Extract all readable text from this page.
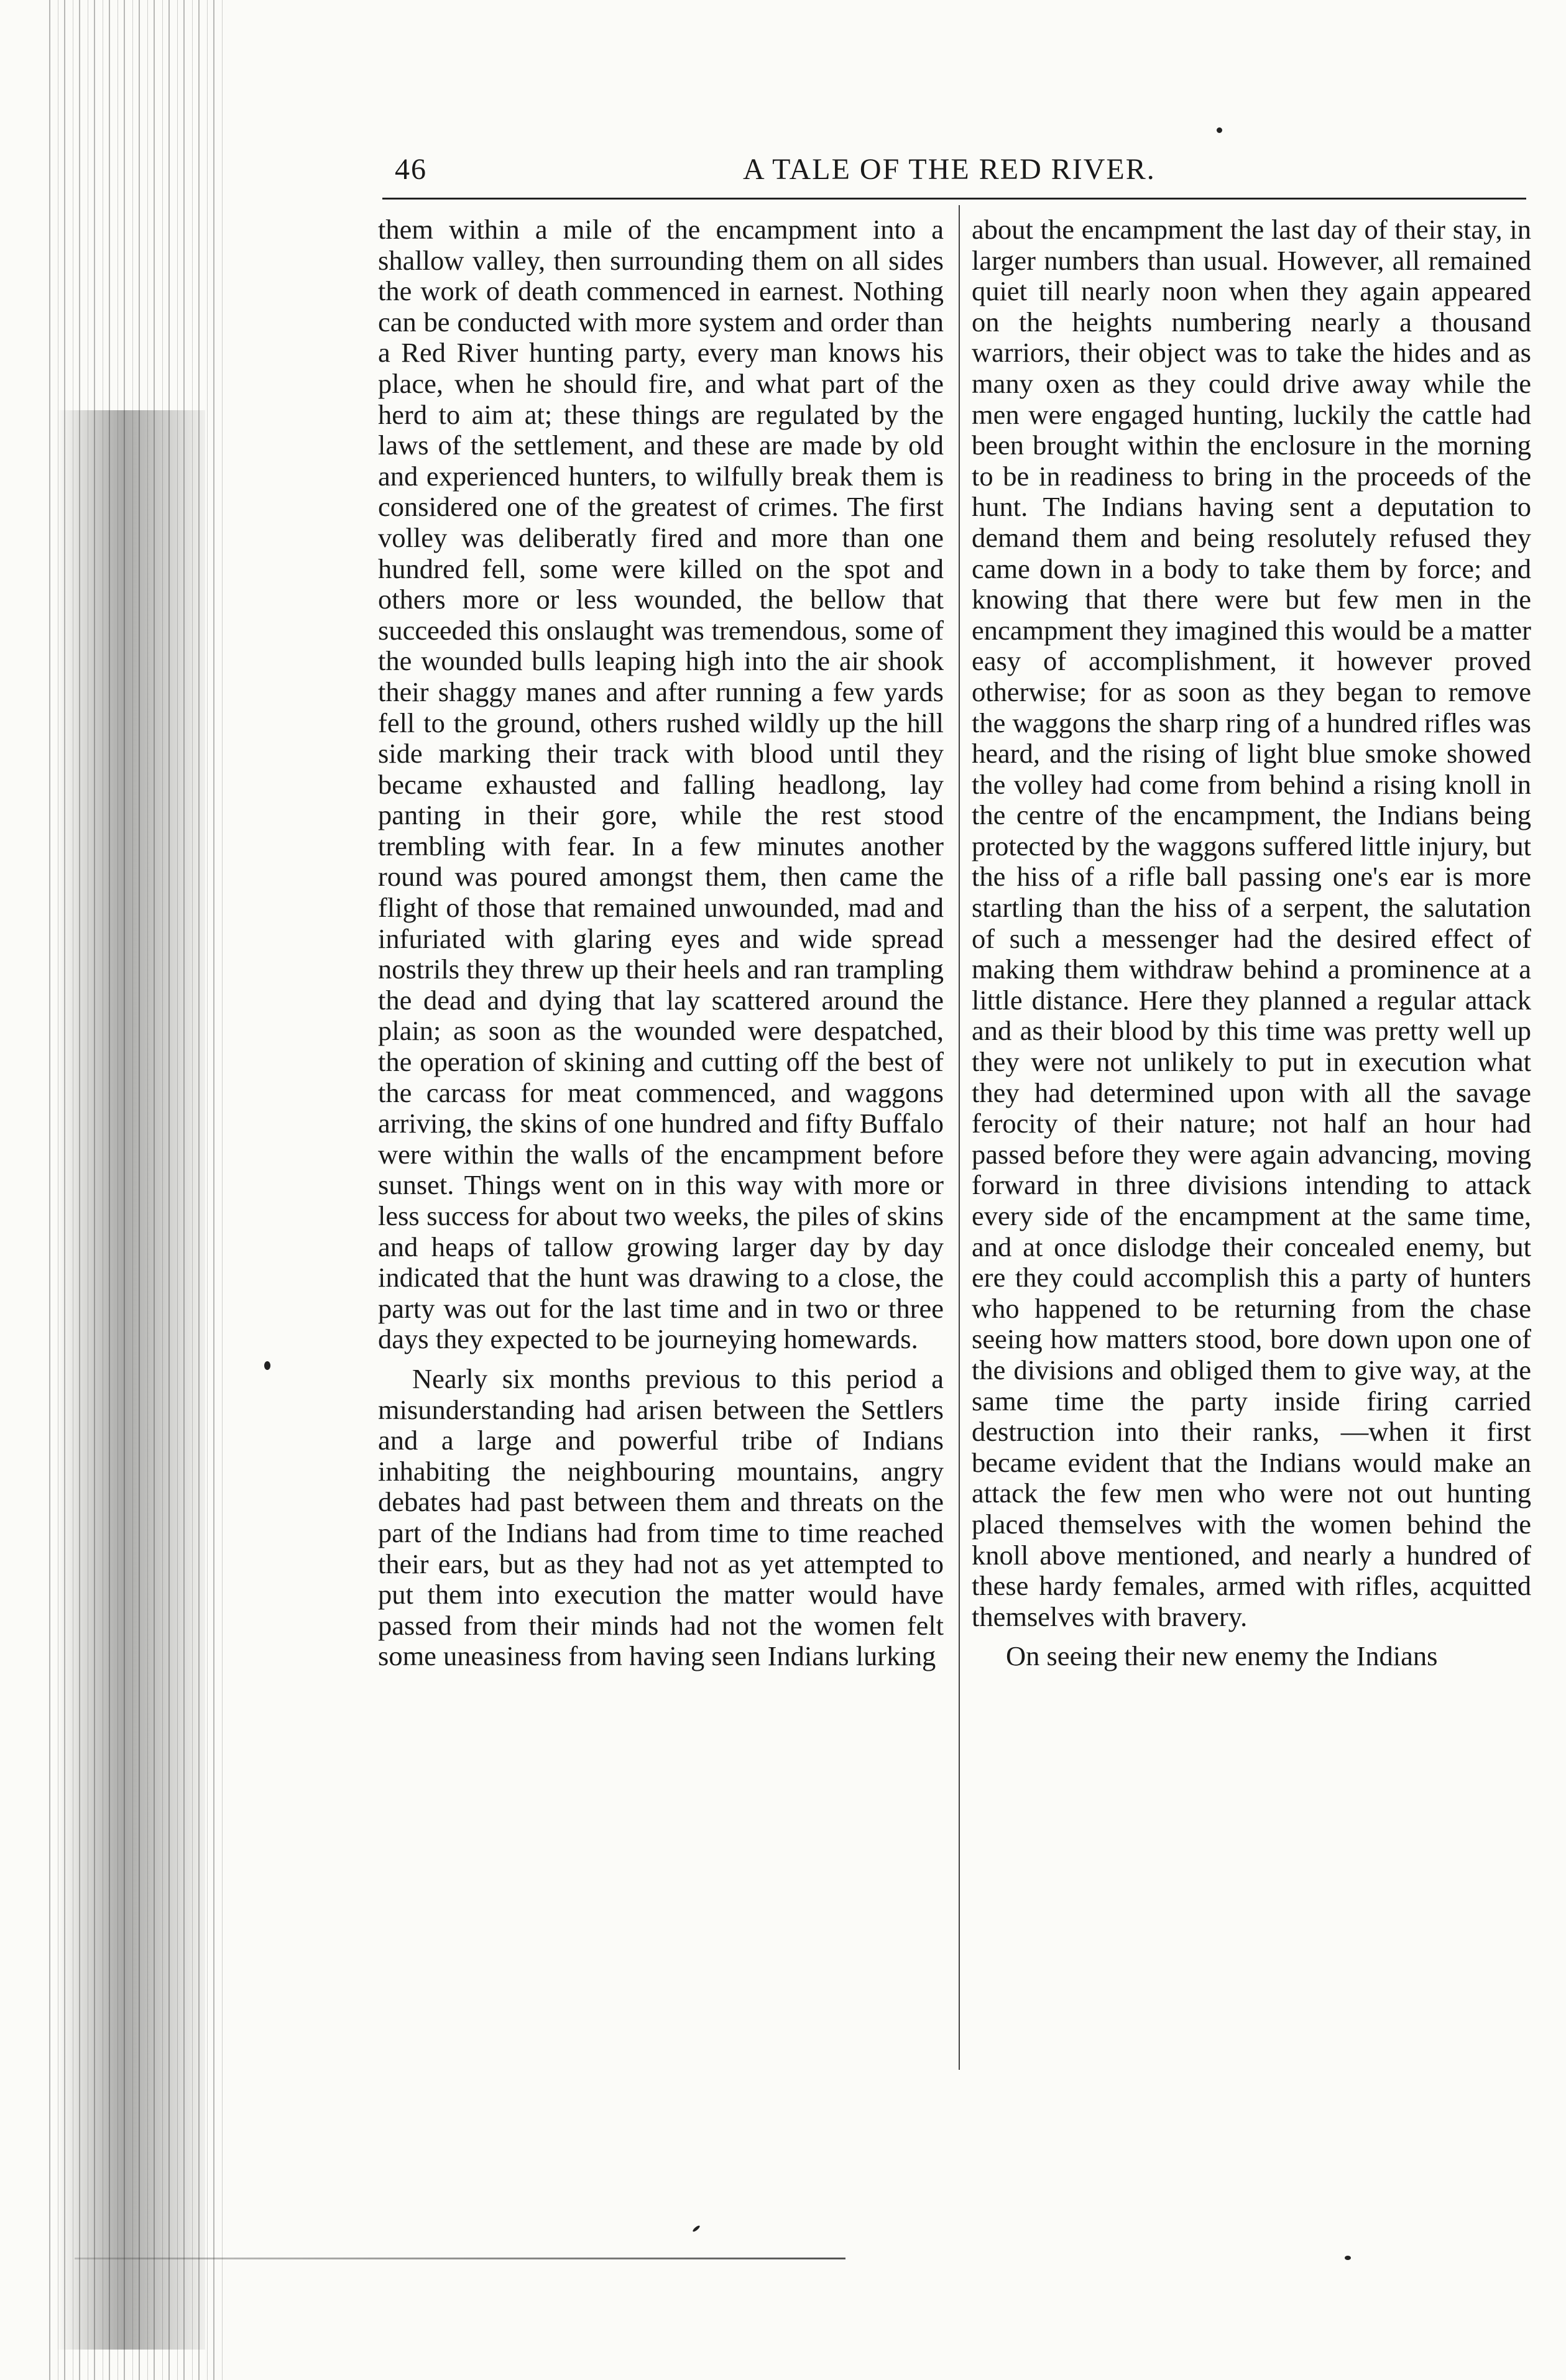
46	A TALE OF THE RED RIVER.

them within a mile of the encampment into a shallow valley, then surrounding them on all sides the work of death commenced in earnest. Nothing can be conducted with more system and order than a Red River hunting party, every man knows his place, when he should fire, and what part of the herd to aim at; these things are regulated by the laws of the settlement, and these are made by old and experienced hunters, to wilfully break them is considered one of the greatest of crimes. The first volley was deliberatly fired and more than one hundred fell, some were killed on the spot and others more or less wounded, the bellow that succeeded this onslaught was tremendous, some of the wounded bulls leaping high into the air shook their shaggy manes and after running a few yards fell to the ground, others rushed wildly up the hill side marking their track with blood until they became exhausted and falling headlong, lay panting in their gore, while the rest stood trembling with fear. In a few minutes another round was poured amongst them, then came the flight of those that remained unwounded, mad and infuriated with glaring eyes and wide spread nostrils they threw up their heels and ran trampling the dead and dying that lay scattered around the plain; as soon as the wounded were despatched, the operation of skining and cutting off the best of the carcass for meat commenced, and waggons arriving, the skins of one hundred and fifty Buffalo were within the walls of the encampment before sunset. Things went on in this way with more or less success for about two weeks, the piles of skins and heaps of tallow growing larger day by day indicated that the hunt was drawing to a close, the party was out for the last time and in two or three days they expected to be journeying homewards.

Nearly six months previous to this period a misunderstanding had arisen between the Settlers and a large and powerful tribe of Indians inhabiting the neighbouring mountains, angry debates had past between them and threats on the part of the Indians had from time to time reached their ears, but as they had not as yet attempted to put them into execution the matter would have passed from their minds had not the women felt some uneasiness from having seen Indians lurking

about the encampment the last day of their stay, in larger numbers than usual. However, all remained quiet till nearly noon when they again appeared on the heights numbering nearly a thousand warriors, their object was to take the hides and as many oxen as they could drive away while the men were engaged hunting, luckily the cattle had been brought within the enclosure in the morning to be in readiness to bring in the proceeds of the hunt. The Indians having sent a deputation to demand them and being resolutely refused they came down in a body to take them by force; and knowing that there were but few men in the encampment they imagined this would be a matter easy of accomplishment, it however proved otherwise; for as soon as they began to remove the waggons the sharp ring of a hundred rifles was heard, and the rising of light blue smoke showed the volley had come from behind a rising knoll in the centre of the encampment, the Indians being protected by the waggons suffered little injury, but the hiss of a rifle ball passing one's ear is more startling than the hiss of a serpent, the salutation of such a messenger had the desired effect of making them withdraw behind a prominence at a little distance. Here they planned a regular attack and as their blood by this time was pretty well up they were not unlikely to put in execution what they had determined upon with all the savage ferocity of their nature; not half an hour had passed before they were again advancing, moving forward in three divisions intending to attack every side of the encampment at the same time, and at once dislodge their concealed enemy, but ere they could accomplish this a party of hunters who happened to be returning from the chase seeing how matters stood, bore down upon one of the divisions and obliged them to give way, at the same time the party inside firing carried destruction into their ranks, —when it first became evident that the Indians would make an attack the few men who were not out hunting placed themselves with the women behind the knoll above mentioned, and nearly a hundred of these hardy females, armed with rifles, acquitted themselves with bravery.

On seeing their new enemy the Indians
